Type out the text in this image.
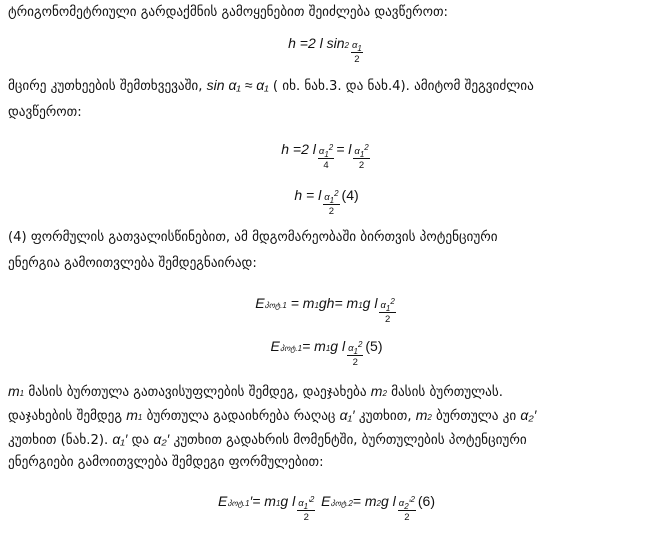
ტრიგონომეტრიული გარდაქმნის გამოყენებით შეიძლება დავწეროთ:
h =2 l $\sin 2 \frac{\alpha_1}{2}$
მცირე კუთხეების შემთხვევაში, sin α₁ ≈ α₁ ( იხ. ნახ.3. და ნახ.4). ამიტომ შეგვიძლია
დავწეროთ:
h =2 l $\frac{\alpha_1^2}{4} = l \frac{\alpha_1^2}{2}$
h = l $\frac{\alpha_1^2}{2} (4)$
(4) ფორმულის გათვალისწინებით, ამ მდგომარეობაში ბირთვის პოტენციური
ენერგია გამოითვლება შემდეგნაირად:
E პოტ. 1 = m 1 gh= m 1 g l $\frac{\alpha_1^2}{2}$
E პოტ. 1 = m 1 g l $\frac{\alpha_1^2}{2} (5)$
m 1 მასის ბურთულა გათავისუფლების შემდეგ, დაეჯახება m 2 მასის ბურთულას.
დაჯახების შემდეგ m 1 ბურთულა გადაიხრება რაღაც α₁′ კუთხით, m 2 ბურთულა კი α₂′
კუთხით (ნახ.2). α₁′ და α₂′ კუთხით გადახრის მომენტში, ბურთულების პოტენციური
ენერგიები გამოითვლება შემდეგი ფორმულებით:
E პოტ. 1 ′= m 1 g l $\frac{\alpha_1'^2}{2}$ E პოტ. 2 = m 2 g l $\frac{\alpha_2'^2}{2} (6)$
